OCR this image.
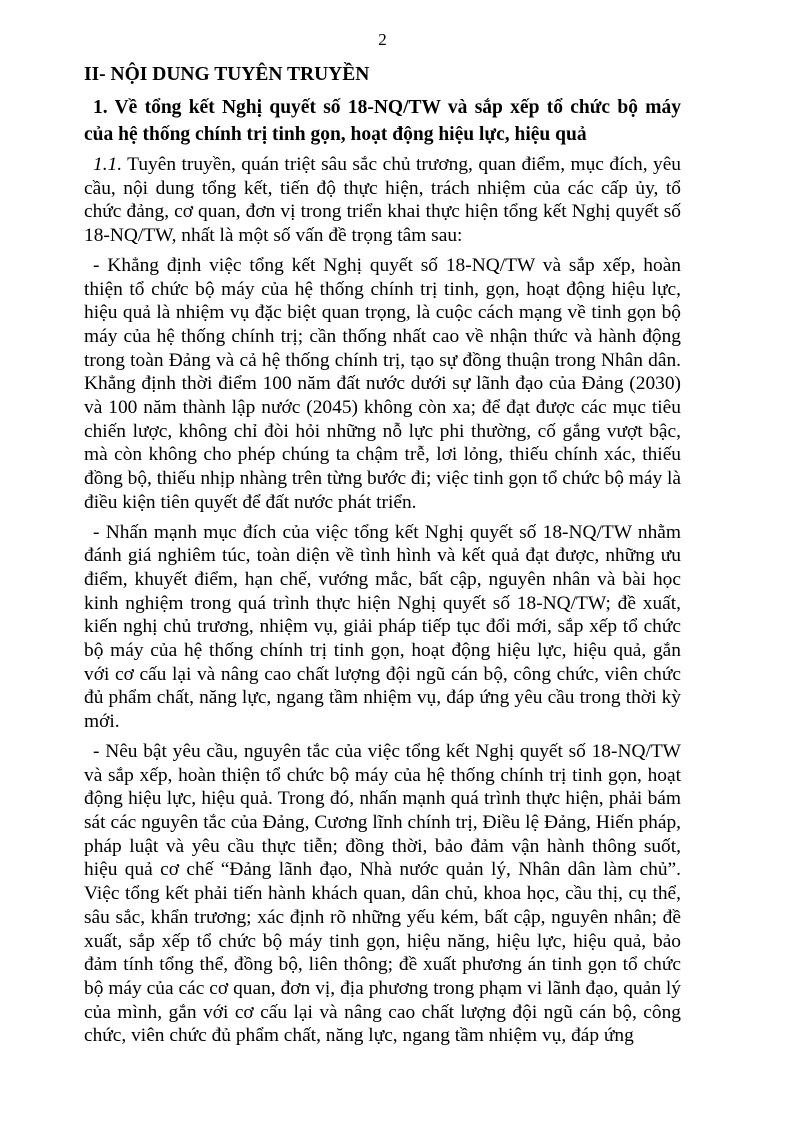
2
II- NỘI DUNG TUYÊN TRUYỀN
1. Về tổng kết Nghị quyết số 18-NQ/TW và sắp xếp tổ chức bộ máy của hệ thống chính trị tinh gọn, hoạt động hiệu lực, hiệu quả

1.1. Tuyên truyền, quán triệt sâu sắc chủ trương, quan điểm, mục đích, yêu cầu, nội dung tổng kết, tiến độ thực hiện, trách nhiệm của các cấp ủy, tổ chức đảng, cơ quan, đơn vị trong triển khai thực hiện tổng kết Nghị quyết số 18-NQ/TW, nhất là một số vấn đề trọng tâm sau:

- Khẳng định việc tổng kết Nghị quyết số 18-NQ/TW và sắp xếp, hoàn thiện tổ chức bộ máy của hệ thống chính trị tinh, gọn, hoạt động hiệu lực, hiệu quả là nhiệm vụ đặc biệt quan trọng, là cuộc cách mạng về tinh gọn bộ máy của hệ thống chính trị; cần thống nhất cao về nhận thức và hành động trong toàn Đảng và cả hệ thống chính trị, tạo sự đồng thuận trong Nhân dân. Khẳng định thời điểm 100 năm đất nước dưới sự lãnh đạo của Đảng (2030) và 100 năm thành lập nước (2045) không còn xa; để đạt được các mục tiêu chiến lược, không chỉ đòi hỏi những nỗ lực phi thường, cố gắng vượt bậc, mà còn không cho phép chúng ta chậm trễ, lơi lỏng, thiếu chính xác, thiếu đồng bộ, thiếu nhịp nhàng trên từng bước đi; việc tinh gọn tổ chức bộ máy là điều kiện tiên quyết để đất nước phát triển.

- Nhấn mạnh mục đích của việc tổng kết Nghị quyết số 18-NQ/TW nhằm đánh giá nghiêm túc, toàn diện về tình hình và kết quả đạt được, những ưu điểm, khuyết điểm, hạn chế, vướng mắc, bất cập, nguyên nhân và bài học kinh nghiệm trong quá trình thực hiện Nghị quyết số 18-NQ/TW; đề xuất, kiến nghị chủ trương, nhiệm vụ, giải pháp tiếp tục đổi mới, sắp xếp tổ chức bộ máy của hệ thống chính trị tinh gọn, hoạt động hiệu lực, hiệu quả, gắn với cơ cấu lại và nâng cao chất lượng đội ngũ cán bộ, công chức, viên chức đủ phẩm chất, năng lực, ngang tầm nhiệm vụ, đáp ứng yêu cầu trong thời kỳ mới.

- Nêu bật yêu cầu, nguyên tắc của việc tổng kết Nghị quyết số 18-NQ/TW và sắp xếp, hoàn thiện tổ chức bộ máy của hệ thống chính trị tinh gọn, hoạt động hiệu lực, hiệu quả. Trong đó, nhấn mạnh quá trình thực hiện, phải bám sát các nguyên tắc của Đảng, Cương lĩnh chính trị, Điều lệ Đảng, Hiến pháp, pháp luật và yêu cầu thực tiễn; đồng thời, bảo đảm vận hành thông suốt, hiệu quả cơ chế “Đảng lãnh đạo, Nhà nước quản lý, Nhân dân làm chủ”. Việc tổng kết phải tiến hành khách quan, dân chủ, khoa học, cầu thị, cụ thể, sâu sắc, khẩn trương; xác định rõ những yếu kém, bất cập, nguyên nhân; đề xuất, sắp xếp tổ chức bộ máy tinh gọn, hiệu năng, hiệu lực, hiệu quả, bảo đảm tính tổng thể, đồng bộ, liên thông; đề xuất phương án tinh gọn tổ chức bộ máy của các cơ quan, đơn vị, địa phương trong phạm vi lãnh đạo, quản lý của mình, gắn với cơ cấu lại và nâng cao chất lượng đội ngũ cán bộ, công chức, viên chức đủ phẩm chất, năng lực, ngang tầm nhiệm vụ, đáp ứng
